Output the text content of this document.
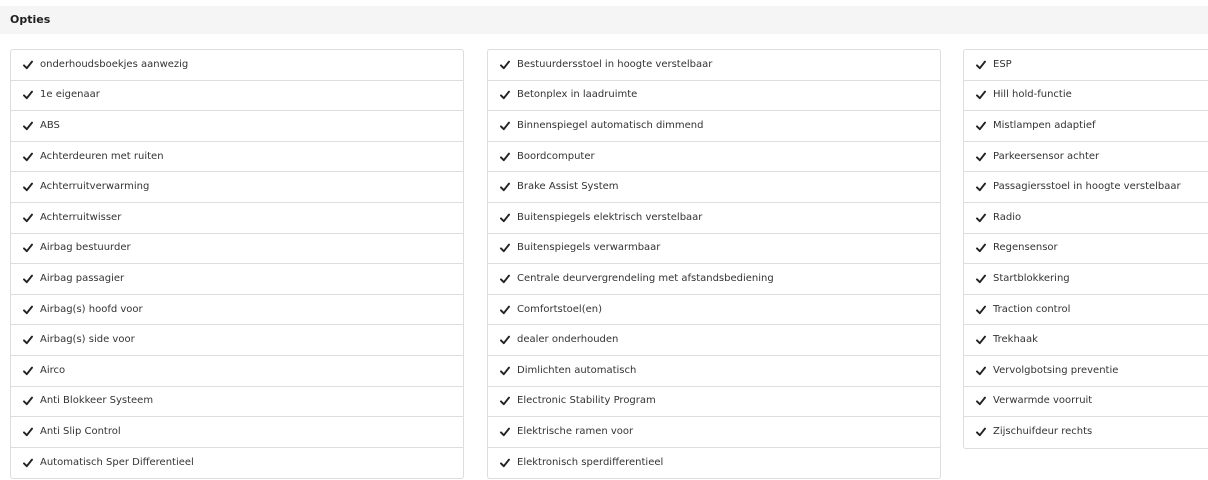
Opties
onderhoudsboekjes aanwezig
1e eigenaar
ABS
Achterdeuren met ruiten
Achterruitverwarming
Achterruitwisser
Airbag bestuurder
Airbag passagier
Airbag(s) hoofd voor
Airbag(s) side voor
Airco
Anti Blokkeer Systeem
Anti Slip Control
Automatisch Sper Differentieel
Bestuurdersstoel in hoogte verstelbaar
Betonplex in laadruimte
Binnenspiegel automatisch dimmend
Boordcomputer
Brake Assist System
Buitenspiegels elektrisch verstelbaar
Buitenspiegels verwarmbaar
Centrale deurvergrendeling met afstandsbediening
Comfortstoel(en)
dealer onderhouden
Dimlichten automatisch
Electronic Stability Program
Elektrische ramen voor
Elektronisch sperdifferentieel
ESP
Hill hold-functie
Mistlampen adaptief
Parkeersensor achter
Passagiersstoel in hoogte verstelbaar
Radio
Regensensor
Startblokkering
Traction control
Trekhaak
Vervolgbotsing preventie
Verwarmde voorruit
Zijschuifdeur rechts
